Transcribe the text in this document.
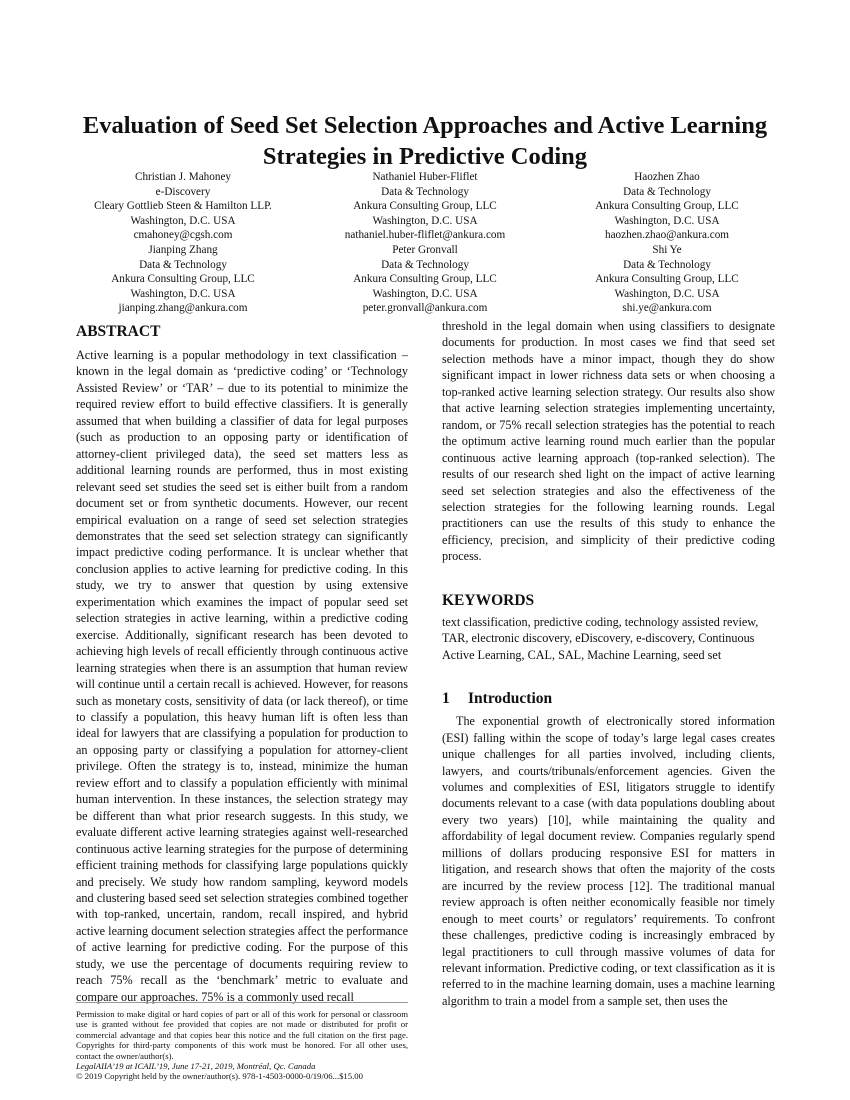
Evaluation of Seed Set Selection Approaches and Active Learning
Strategies in Predictive Coding
Christian J. Mahoney
e-Discovery
Cleary Gottlieb Steen & Hamilton LLP.
Washington, D.C. USA
cmahoney@cgsh.com
Nathaniel Huber-Fliflet
Data & Technology
Ankura Consulting Group, LLC
Washington, D.C. USA
nathaniel.huber-fliflet@ankura.com
Haozhen Zhao
Data & Technology
Ankura Consulting Group, LLC
Washington, D.C. USA
haozhen.zhao@ankura.com
Jianping Zhang
Data & Technology
Ankura Consulting Group, LLC
Washington, D.C. USA
jianping.zhang@ankura.com
Peter Gronvall
Data & Technology
Ankura Consulting Group, LLC
Washington, D.C. USA
peter.gronvall@ankura.com
Shi Ye
Data & Technology
Ankura Consulting Group, LLC
Washington, D.C. USA
shi.ye@ankura.com
ABSTRACT
Active learning is a popular methodology in text classification – known in the legal domain as ‘predictive coding’ or ‘Technology Assisted Review’ or ‘TAR’ – due to its potential to minimize the required review effort to build effective classifiers. It is generally assumed that when building a classifier of data for legal purposes (such as production to an opposing party or identification of attorney-client privileged data), the seed set matters less as additional learning rounds are performed, thus in most existing relevant seed set studies the seed set is either built from a random document set or from synthetic documents. However, our recent empirical evaluation on a range of seed set selection strategies demonstrates that the seed set selection strategy can significantly impact predictive coding performance. It is unclear whether that conclusion applies to active learning for predictive coding. In this study, we try to answer that question by using extensive experimentation which examines the impact of popular seed set selection strategies in active learning, within a predictive coding exercise. Additionally, significant research has been devoted to achieving high levels of recall efficiently through continuous active learning strategies when there is an assumption that human review will continue until a certain recall is achieved. However, for reasons such as monetary costs, sensitivity of data (or lack thereof), or time to classify a population, this heavy human lift is often less than ideal for lawyers that are classifying a population for production to an opposing party or classifying a population for attorney-client privilege. Often the strategy is to, instead, minimize the human review effort and to classify a population efficiently with minimal human intervention. In these instances, the selection strategy may be different than what prior research suggests. In this study, we evaluate different active learning strategies against well-researched continuous active learning strategies for the purpose of determining efficient training methods for classifying large populations quickly and precisely. We study how random sampling, keyword models and clustering based seed set selection strategies combined together with top-ranked, uncertain, random, recall inspired, and hybrid active learning document selection strategies affect the performance of active learning for predictive coding. For the purpose of this study, we use the percentage of documents requiring review to reach 75% recall as the ‘benchmark’ metric to evaluate and compare our approaches. 75% is a commonly used recall
threshold in the legal domain when using classifiers to designate documents for production. In most cases we find that seed set selection methods have a minor impact, though they do show significant impact in lower richness data sets or when choosing a top-ranked active learning selection strategy. Our results also show that active learning selection strategies implementing uncertainty, random, or 75% recall selection strategies has the potential to reach the optimum active learning round much earlier than the popular continuous active learning approach (top-ranked selection). The results of our research shed light on the impact of active learning seed set selection strategies and also the effectiveness of the selection strategies for the following learning rounds. Legal practitioners can use the results of this study to enhance the efficiency, precision, and simplicity of their predictive coding process.
KEYWORDS
text classification, predictive coding, technology assisted review, TAR, electronic discovery, eDiscovery, e-discovery, Continuous Active Learning, CAL, SAL, Machine Learning, seed set
1 Introduction
The exponential growth of electronically stored information (ESI) falling within the scope of today’s large legal cases creates unique challenges for all parties involved, including clients, lawyers, and courts/tribunals/enforcement agencies. Given the volumes and complexities of ESI, litigators struggle to identify documents relevant to a case (with data populations doubling about every two years) [10], while maintaining the quality and affordability of legal document review. Companies regularly spend millions of dollars producing responsive ESI for matters in litigation, and research shows that often the majority of the costs are incurred by the review process [12]. The traditional manual review approach is often neither economically feasible nor timely enough to meet courts’ or regulators’ requirements. To confront these challenges, predictive coding is increasingly embraced by legal practitioners to cull through massive volumes of data for relevant information. Predictive coding, or text classification as it is referred to in the machine learning domain, uses a machine learning algorithm to train a model from a sample set, then uses the

Permission to make digital or hard copies of part or all of this work for personal or classroom use is granted without fee provided that copies are not made or distributed for profit or commercial advantage and that copies bear this notice and the full citation on the first page. Copyrights for third-party components of this work must be honored. For all other uses, contact the owner/author(s).

LegalAIIA’19 at ICAIL’19, June 17-21, 2019, Montréal, Qc. Canada

© 2019 Copyright held by the owner/author(s). 978-1-4503-0000-0/19/06...$15.00
